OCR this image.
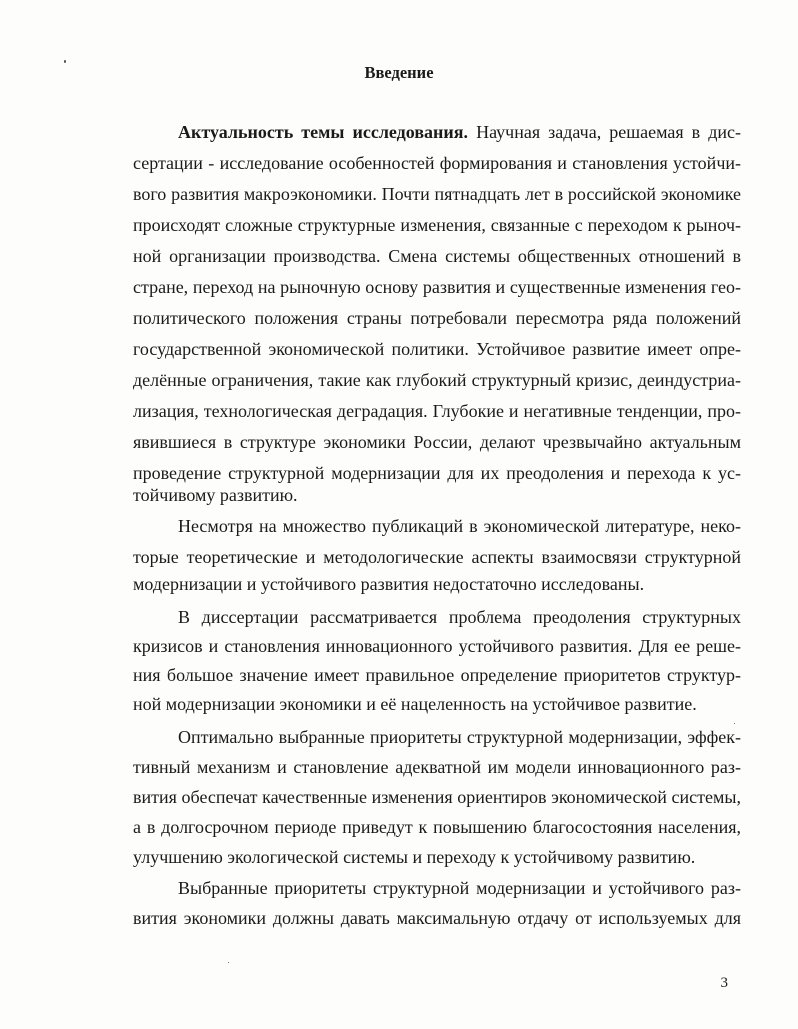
Введение
Актуальность темы исследования. Научная задача, решаемая в дис-
сертации - исследование особенностей формирования и становления устойчи-
вого развития макроэкономики. Почти пятнадцать лет в российской экономике
происходят сложные структурные изменения, связанные с переходом к рыноч-
ной организации производства. Смена системы общественных отношений в
стране, переход на рыночную основу развития и существенные изменения гео-
политического положения страны потребовали пересмотра ряда положений
государственной экономической политики. Устойчивое развитие имеет опре-
делённые ограничения, такие как глубокий структурный кризис, деиндустриа-
лизация, технологическая деградация. Глубокие и негативные тенденции, про-
явившиеся в структуре экономики России, делают чрезвычайно актуальным
проведение структурной модернизации для их преодоления и перехода к ус-
тойчивому развитию.
Несмотря на множество публикаций в экономической литературе, неко-
торые теоретические и методологические аспекты взаимосвязи структурной
модернизации и устойчивого развития недостаточно исследованы.
В диссертации рассматривается проблема преодоления структурных
кризисов и становления инновационного устойчивого развития. Для ее реше-
ния большое значение имеет правильное определение приоритетов структур-
ной модернизации экономики и её нацеленность на устойчивое развитие.
Оптимально выбранные приоритеты структурной модернизации, эффек-
тивный механизм и становление адекватной им модели инновационного раз-
вития обеспечат качественные изменения ориентиров экономической системы,
а в долгосрочном периоде приведут к повышению благосостояния населения,
улучшению экологической системы и переходу к устойчивому развитию.
Выбранные приоритеты структурной модернизации и устойчивого раз-
вития экономики должны давать максимальную отдачу от используемых для
3
